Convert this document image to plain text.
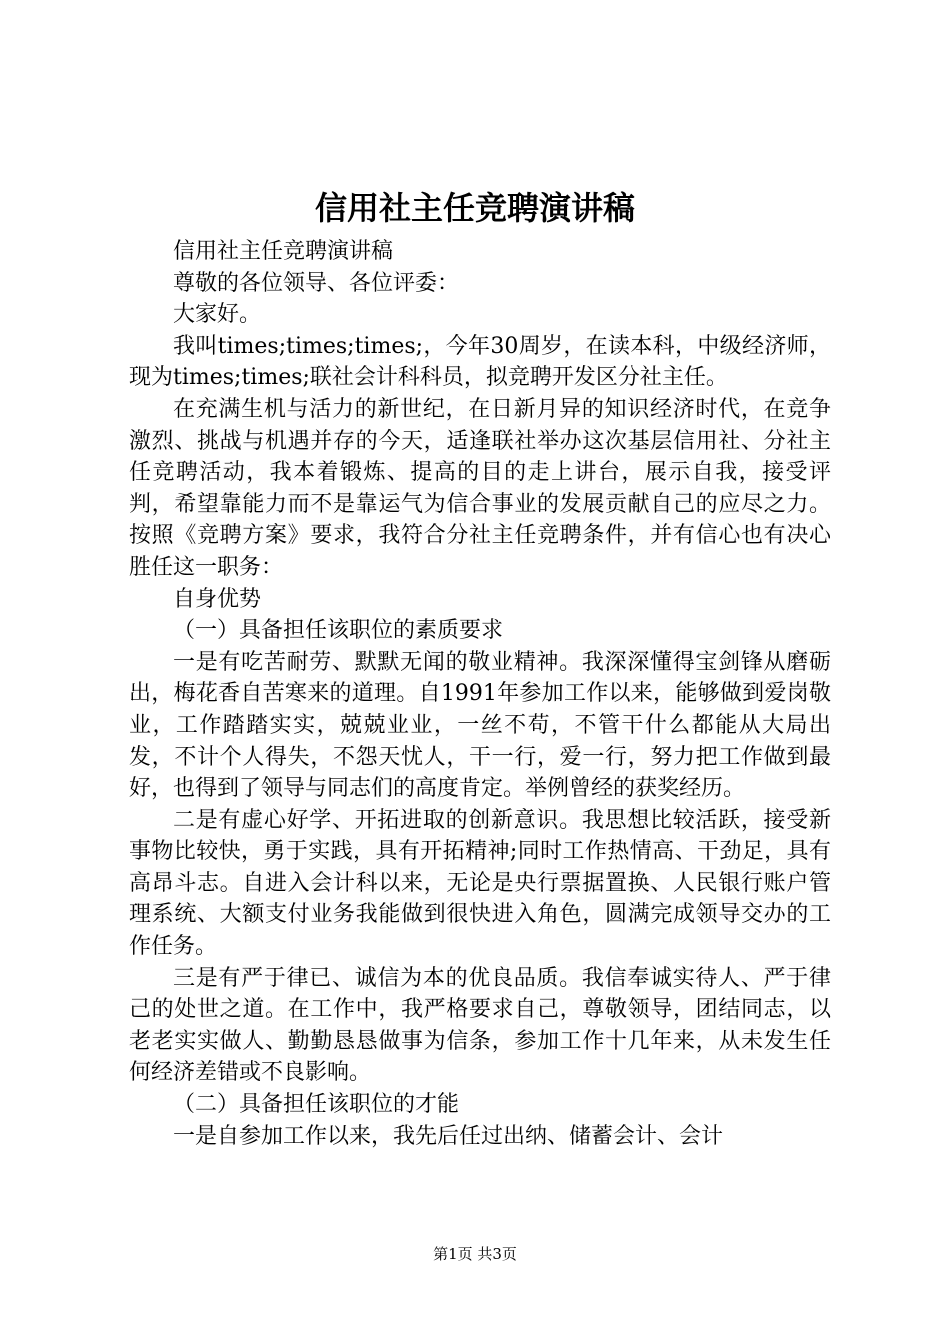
信用社主任竞聘演讲稿

信用社主任竞聘演讲稿

尊敬的各位领导、各位评委：

大家好。

我叫times;times;times;，今年30周岁，在读本科，中级经济师，现为times;times;联社会计科科员，拟竞聘开发区分社主任。

在充满生机与活力的新世纪，在日新月异的知识经济时代，在竞争激烈、挑战与机遇并存的今天，适逢联社举办这次基层信用社、分社主任竞聘活动，我本着锻炼、提高的目的走上讲台，展示自我，接受评判，希望靠能力而不是靠运气为信合事业的发展贡献自己的应尽之力。按照《竞聘方案》要求，我符合分社主任竞聘条件，并有信心也有决心胜任这一职务：

自身优势

（一）具备担任该职位的素质要求

一是有吃苦耐劳、默默无闻的敬业精神。我深深懂得宝剑锋从磨砺出，梅花香自苦寒来的道理。自1991年参加工作以来，能够做到爱岗敬业，工作踏踏实实，兢兢业业，一丝不苟，不管干什么都能从大局出发，不计个人得失，不怨天忧人，干一行，爱一行，努力把工作做到最好，也得到了领导与同志们的高度肯定。举例曾经的获奖经历。

二是有虚心好学、开拓进取的创新意识。我思想比较活跃，接受新事物比较快，勇于实践，具有开拓精神;同时工作热情高、干劲足，具有高昂斗志。自进入会计科以来，无论是央行票据置换、人民银行账户管理系统、大额支付业务我能做到很快进入角色，圆满完成领导交办的工作任务。

三是有严于律已、诚信为本的优良品质。我信奉诚实待人、严于律己的处世之道。在工作中，我严格要求自己，尊敬领导，团结同志，以老老实实做人、勤勤恳恳做事为信条，参加工作十几年来，从未发生任何经济差错或不良影响。

（二）具备担任该职位的才能

一是自参加工作以来，我先后任过出纳、储蓄会计、会计

第1页 共3页
